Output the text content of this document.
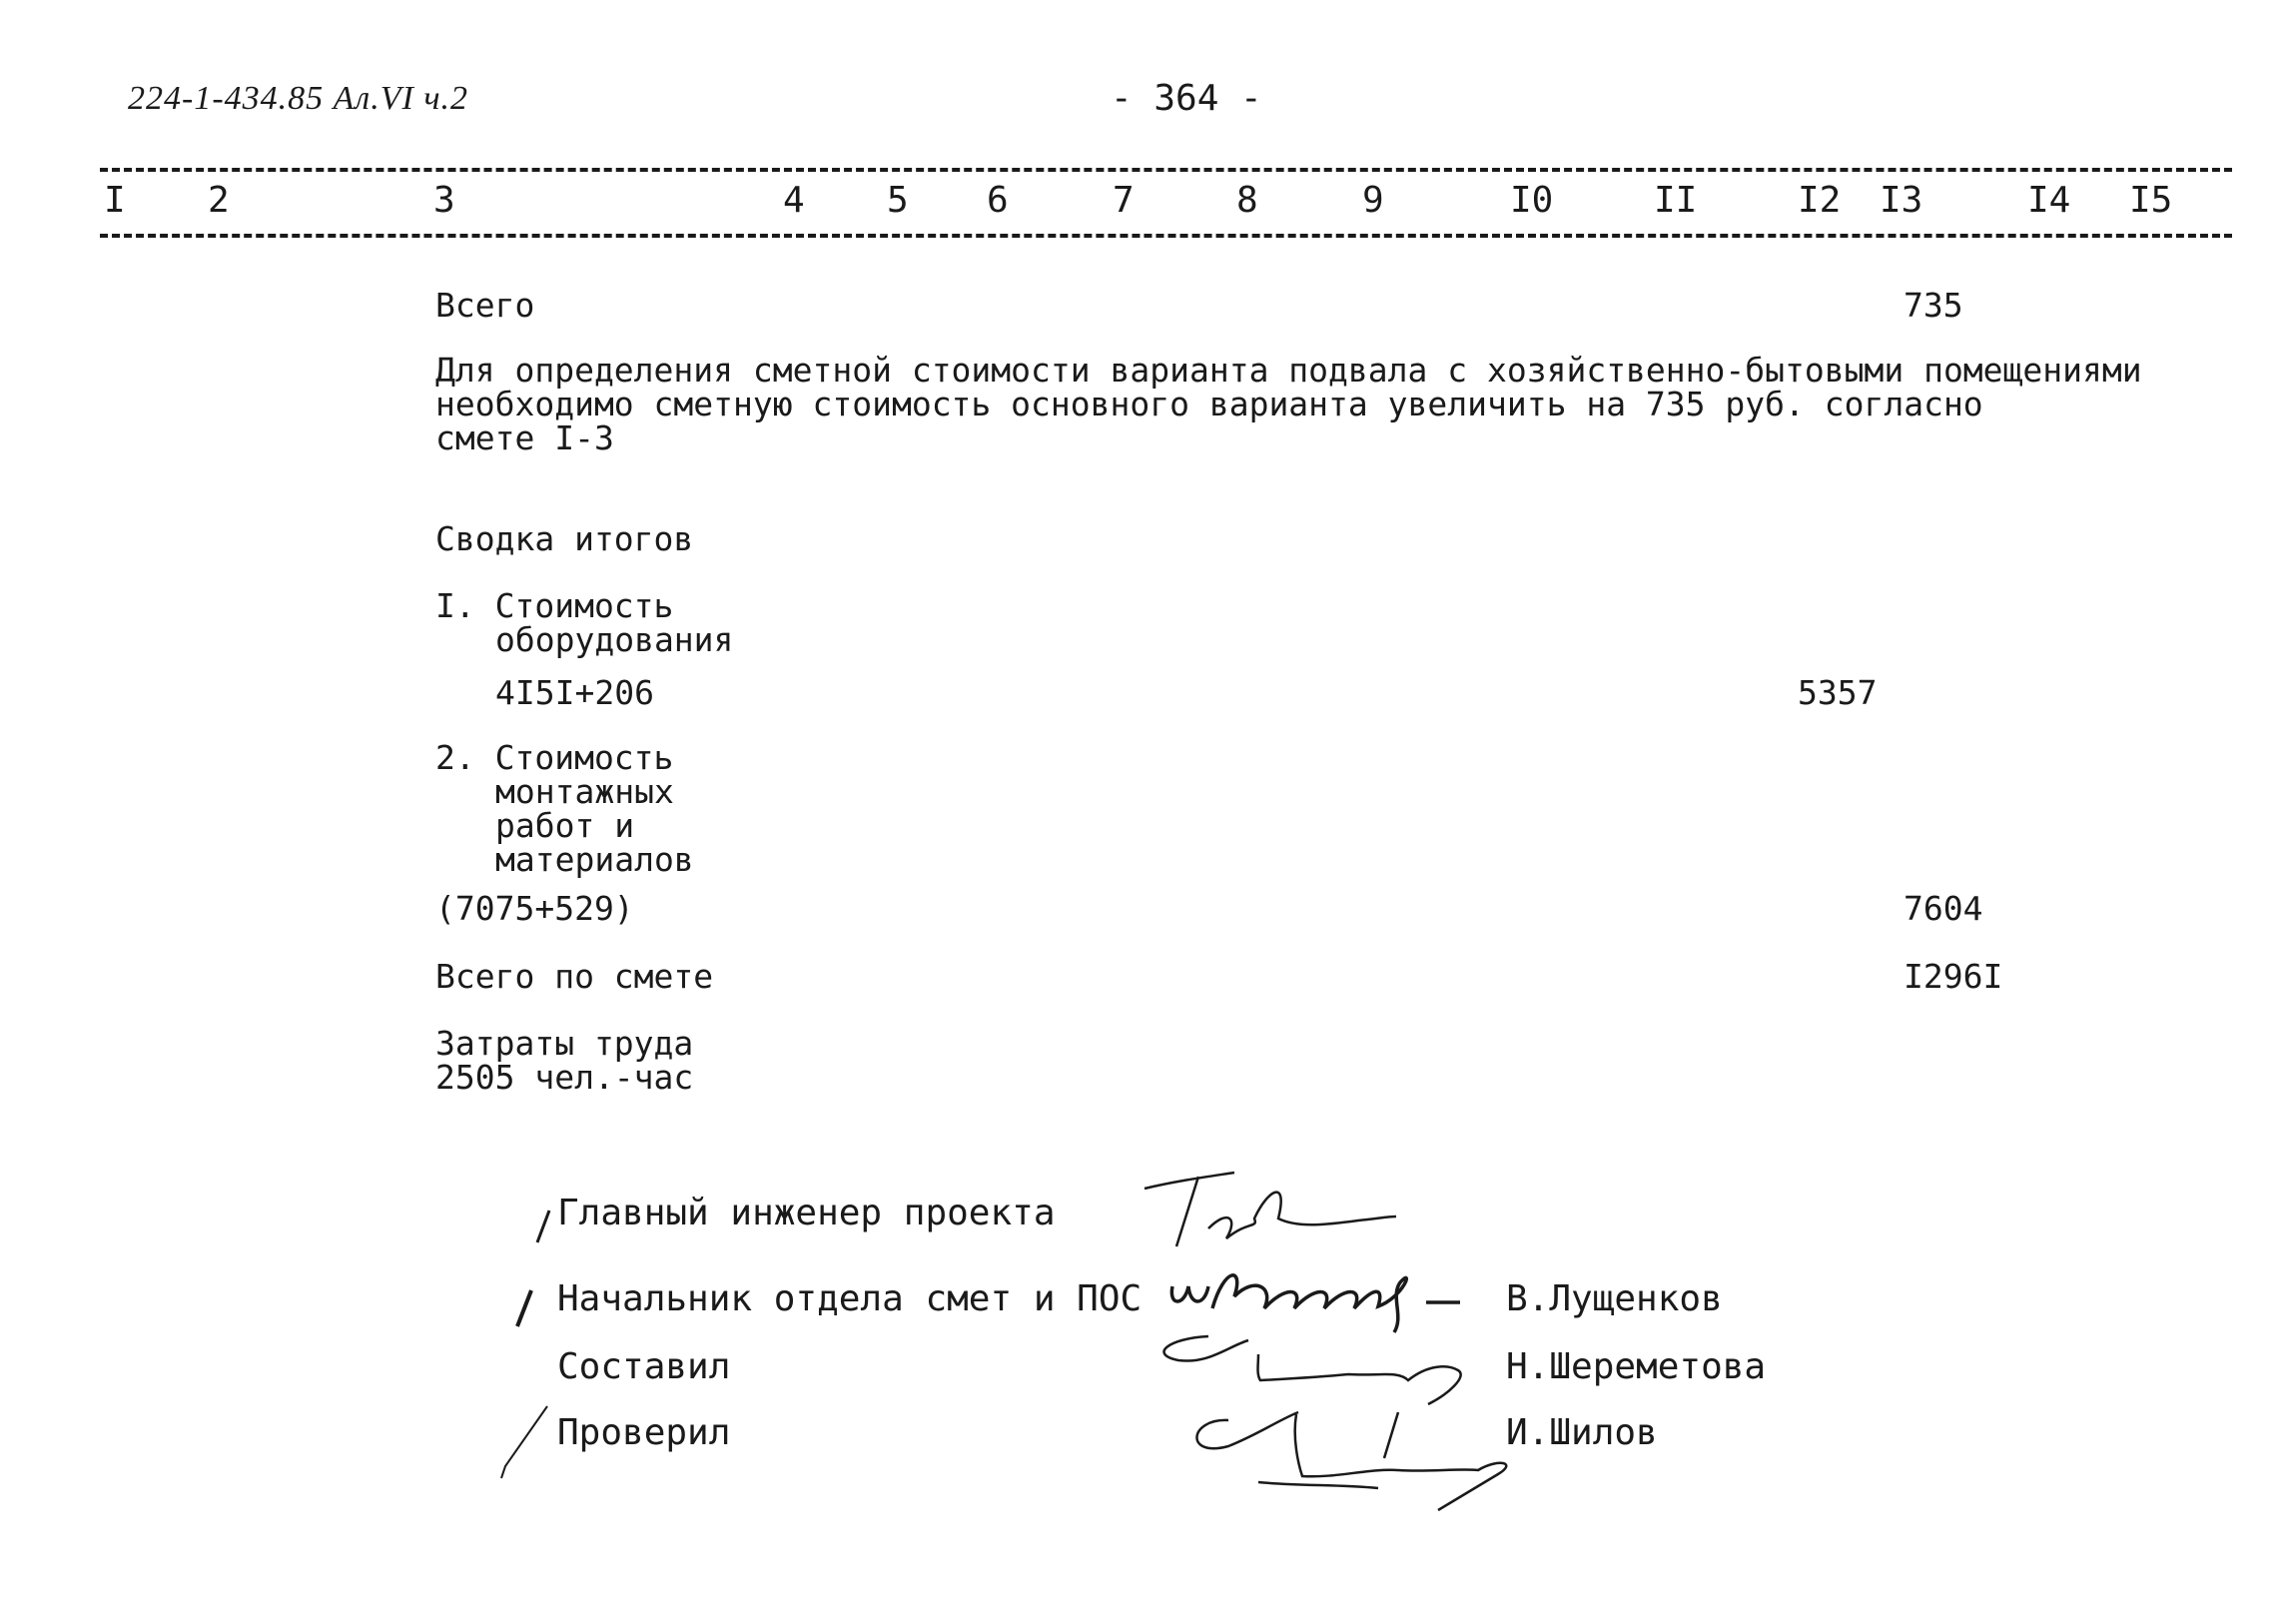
224-1-434.85 Ал.VI ч.2	- 364 -
I 2	3	4 5 6	7	8	9	I0	II	I2 I3	I4 I5
Всего	735
Для определения сметной стоимости варианта подвала с хозяйственно-бытовыми помещениями
необходимо сметную стоимость основного варианта увеличить на 735 руб. согласно
смете I-3
Сводка итогов
I. Стоимость
оборудования
4I5I+206	5357
2. Стоимость
монтажных
работ и
материалов
(7075+529)	7604
Всего по смете	I296I
Затраты труда
2505 чел.-час
Главный инженер проекта
Начальник отдела смет и ПОС	В.Лущенков
Составил	Н.Шереметова
Проверил	И.Шилов
